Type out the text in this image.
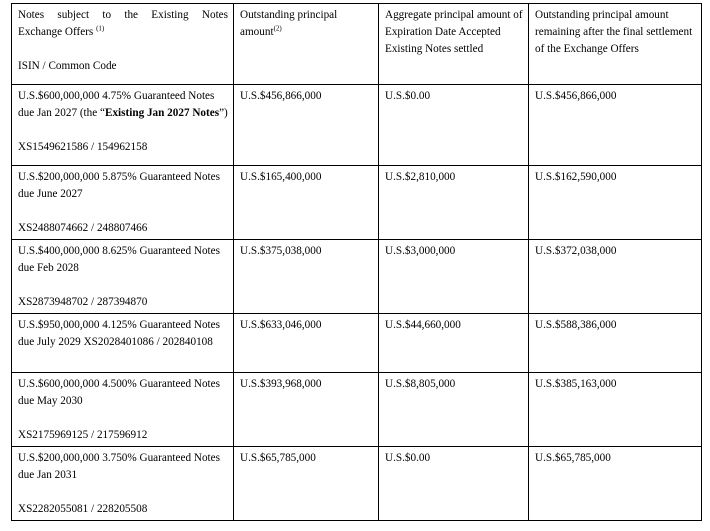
Notes subject to the Existing Notes

Exchange Offers $^{(1)}$

ISIN / Common Code	Outstanding principal amount$^{(2)}$	Aggregate principal amount of Expiration Date Accepted Existing Notes settled	Outstanding principal amount remaining after the final settlement of the Exchange Offers

U.S.$600,000,000 4.75% Guaranteed Notes due Jan 2027 (the “Existing Jan 2027 Notes”)

XS1549621586 / 154962158	U.S.$456,866,000	U.S.$0.00	U.S.$456,866,000

U.S.$200,000,000 5.875% Guaranteed Notes due June 2027

XS2488074662 / 248807466	U.S.$165,400,000	U.S.$2,810,000	U.S.$162,590,000

U.S.$400,000,000 8.625% Guaranteed Notes due Feb 2028

XS2873948702 / 287394870	U.S.$375,038,000	U.S.$3,000,000	U.S.$372,038,000

U.S.$950,000,000 4.125% Guaranteed Notes due July 2029 XS2028401086 / 202840108	U.S.$633,046,000	U.S.$44,660,000	U.S.$588,386,000

U.S.$600,000,000 4.500% Guaranteed Notes due May 2030

XS2175969125 / 217596912	U.S.$393,968,000	U.S.$8,805,000	U.S.$385,163,000

U.S.$200,000,000 3.750% Guaranteed Notes due Jan 2031

XS2282055081 / 228205508	U.S.$65,785,000	U.S.$0.00	U.S.$65,785,000
